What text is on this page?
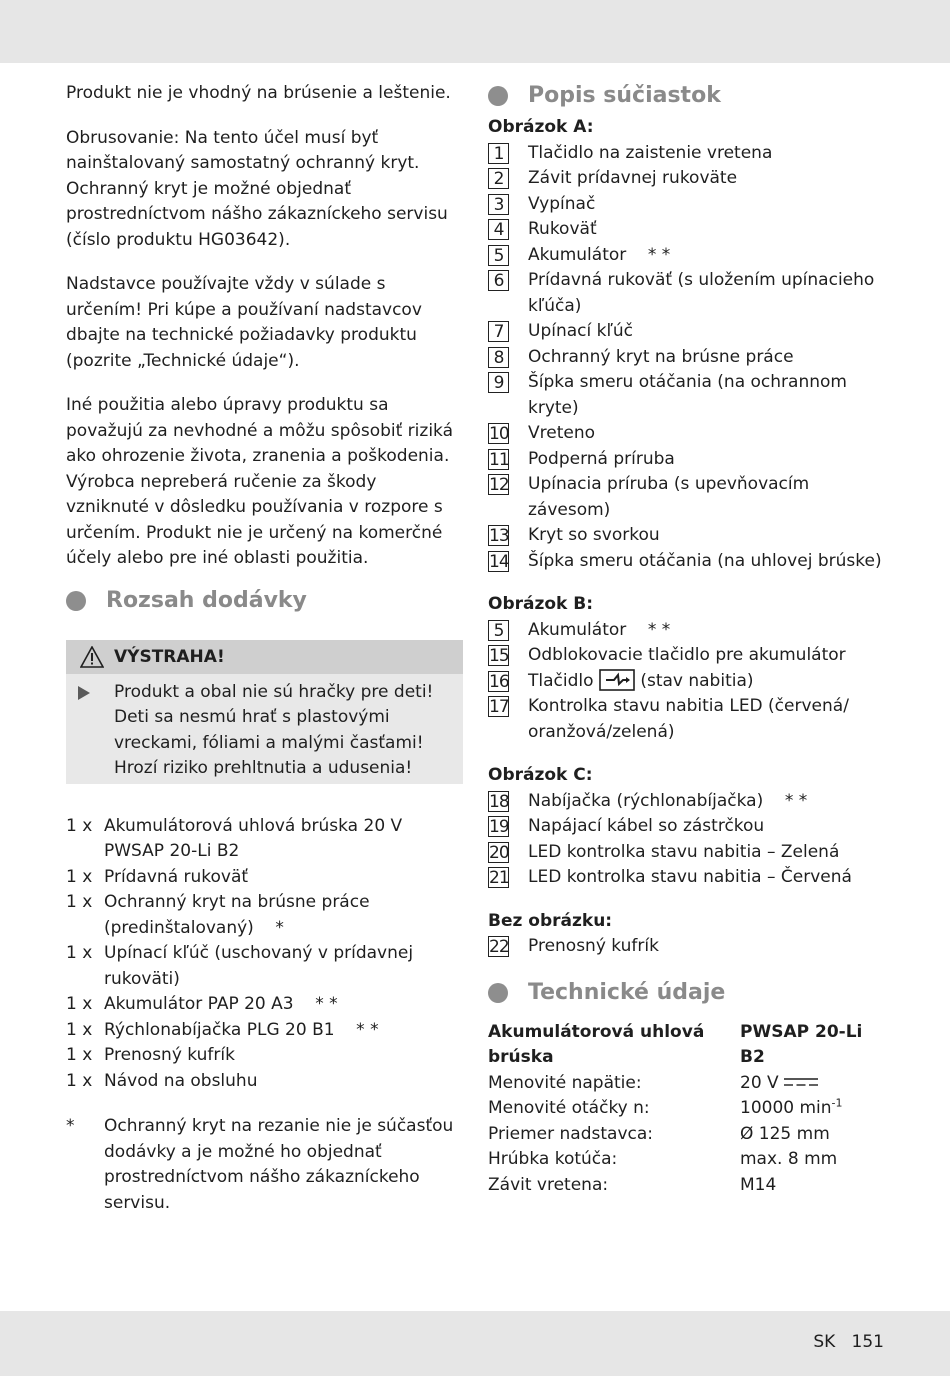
Produkt nie je vhodný na brúsenie a leštenie.

Obrusovanie: Na tento účel musí byť nainštalovaný samostatný ochranný kryt. Ochranný kryt je možné objednať prostredníctvom nášho zákazníckeho servisu (číslo produktu HG03642).

Nadstavce používajte vždy v súlade s určením! Pri kúpe a používaní nadstavcov dbajte na technické požiadavky produktu (pozrite „Technické údaje“).

Iné použitia alebo úpravy produktu sa považujú za nevhodné a môžu spôsobiť riziká ako ohrozenie života, zranenia a poškodenia. Výrobca nepreberá ručenie za škody vzniknuté v dôsledku používania v rozpore s určením. Produkt nie je určený na komerčné účely alebo pre iné oblasti použitia.

Rozsah dodávky
VÝSTRAHA!
Produkt a obal nie sú hračky pre deti! Deti sa nesmú hrať s plastovými vreckami, fóliami a malými časťami! Hrozí riziko prehltnutia a udusenia!
1 x Akumulátorová uhlová brúska 20 V PWSAP 20-Li B2
1 x Prídavná rukoväť
1 x Ochranný kryt na brúsne práce (predinštalovaný)    *
1 x Upínací kľúč (uschovaný v prídavnej rukoväti)
1 x Akumulátor PAP 20 A3    * *
1 x Rýchlonabíjačka PLG 20 B1    * *
1 x Prenosný kufrík
1 x Návod na obsluhu
* Ochranný kryt na rezanie nie je súčasťou dodávky a je možné ho objednať prostredníctvom nášho zákazníckeho servisu.
Popis súčiastok
Obrázok A:
1	Tlačidlo na zaistenie vretena
2	Závit prídavnej rukoväte
3	Vypínač
4	Rukoväť
5	Akumulátor    * *
6	Prídavná rukoväť (s uložením upínacieho kľúča)
7	Upínací kľúč
8	Ochranný kryt na brúsne práce
9	Šípka smeru otáčania (na ochrannom kryte)
10 Vreteno
11 Podperná príruba
12 Upínacia príruba (s upevňovacím závesom)
13 Kryt so svorkou
14 Šípka smeru otáčania (na uhlovej brúske)
Obrázok B:
5	Akumulátor    * *
15 Odblokovacie tlačidlo pre akumulátor
16 Tlačidlo	(stav nabitia)
17 Kontrolka stavu nabitia LED (červená/ oranžová/zelená)
Obrázok C:
18 Nabíjačka (rýchlonabíjačka)    * *
19 Napájací kábel so zástrčkou
20 LED kontrolka stavu nabitia – Zelená
21 LED kontrolka stavu nabitia – Červená
Bez obrázku:
22 Prenosný kufrík
Technické údaje
Akumulátorová uhlová brúska	PWSAP 20-Li B2
Menovité napätie:	20 V
Menovité otáčky n:	10000 $\min^{-1}$
Priemer nadstavca:	Ø 125 mm
Hrúbka kotúča:	max. 8 mm
Závit vretena:	M14
SK   151
